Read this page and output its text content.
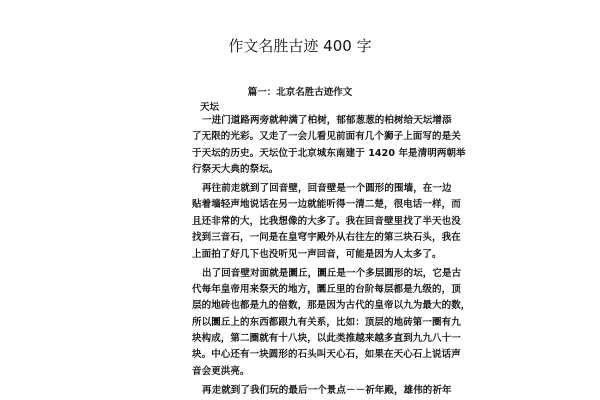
作文名胜古迹 400 字
篇一：北京名胜古迹作文
天坛
一进门道路两旁就种满了柏树，郁郁葱葱的柏树给天坛增添
了无限的光彩。又走了一会儿看见前面有几个狮子上面写的是关
于天坛的历史。天坛位于北京城东南建于 1420 年是清明两朝举
行祭天大典的祭坛。
再往前走就到了回音壁，回音壁是一个圆形的围墙，在一边
贴着墙轻声地说话在另一边就能听得一清二楚，很电话一样，而
且还非常的大，比我想像的大多了。我在回音壁里找了半天也没
找到三音石，一问是在皇穹宇殿外从右往左的第三块石头，我在
上面拍了好几下也没听见一声回音，可能是因为人太多了。
出了回音壁对面就是圜丘，圜丘是一个多层圆形的坛，它是古
代每年皇帝用来祭天的地方，圜丘里的台阶每层都是九级的，顶
层的地砖也都是九的倍数，那是因为古代的皇帝以九为最大的数，
所以圜丘上的东西都跟九有关系，比如：顶层的地砖第一圈有九
块构成，第二圈就有十八块，以此类推越来越多直到九九八十一
块。中心还有一块圆形的石头叫天心石，如果在天心石上说话声
音会更洪亮。
再走就到了我们玩的最后一个景点－－祈年殿，雄伟的祈年
